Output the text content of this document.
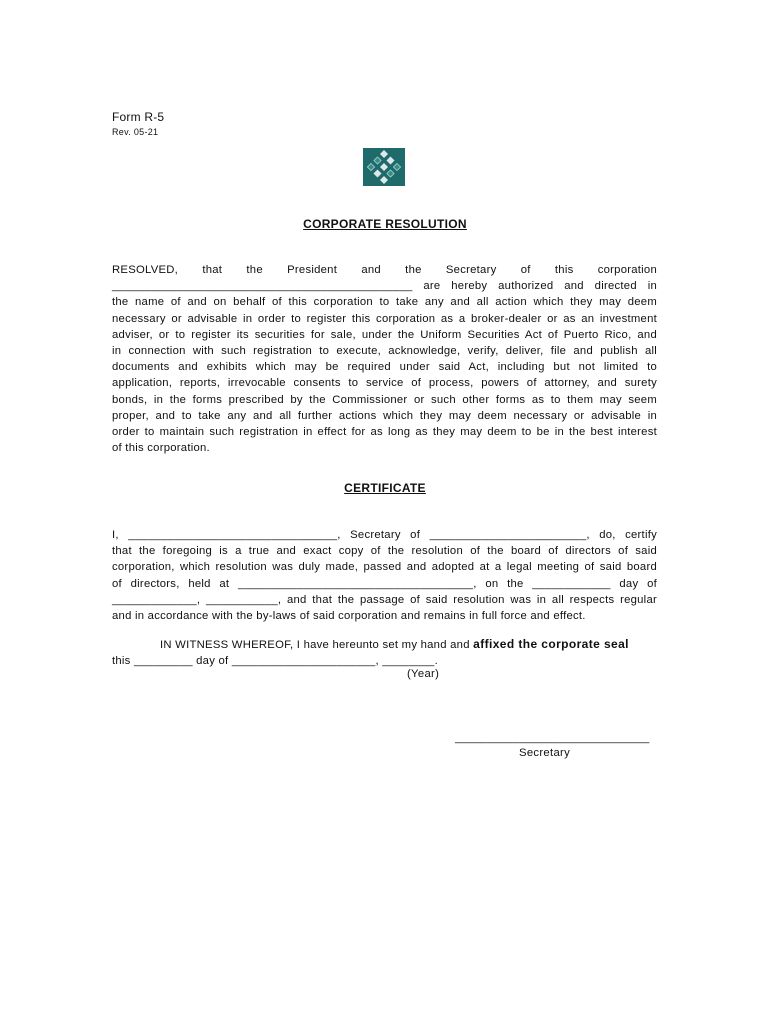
Form R-5
Rev. 05-21
CORPORATE RESOLUTION
RESOLVED, that the President and the Secretary of this corporation
______________________________________________ are hereby authorized and directed in
the name of and on behalf of this corporation to take any and all action which they may deem
necessary or advisable in order to register this corporation as a broker-dealer or as an investment
adviser, or to register its securities for sale, under the Uniform Securities Act of Puerto Rico, and
in connection with such registration to execute, acknowledge, verify, deliver, file and publish all
documents and exhibits which may be required under said Act, including but not limited to
application, reports, irrevocable consents to service of process, powers of attorney, and surety
bonds, in the forms prescribed by the Commissioner or such other forms as to them may seem
proper, and to take any and all further actions which they may deem necessary or advisable in
order to maintain such registration in effect for as long as they may deem to be in the best interest
of this corporation.
CERTIFICATE
I, ________________________________, Secretary of ________________________, do, certify
that the foregoing is a true and exact copy of the resolution of the board of directors of said
corporation, which resolution was duly made, passed and adopted at a legal meeting of said board
of directors, held at ____________________________________, on the ____________ day of
_____________, ___________, and that the passage of said resolution was in all respects regular
and in accordance with the by-laws of said corporation and remains in full force and effect.
IN WITNESS WHEREOF, I have hereunto set my hand and affixed the corporate seal
this _________ day of ______________________, ________.
(Year)
______________________________
Secretary
